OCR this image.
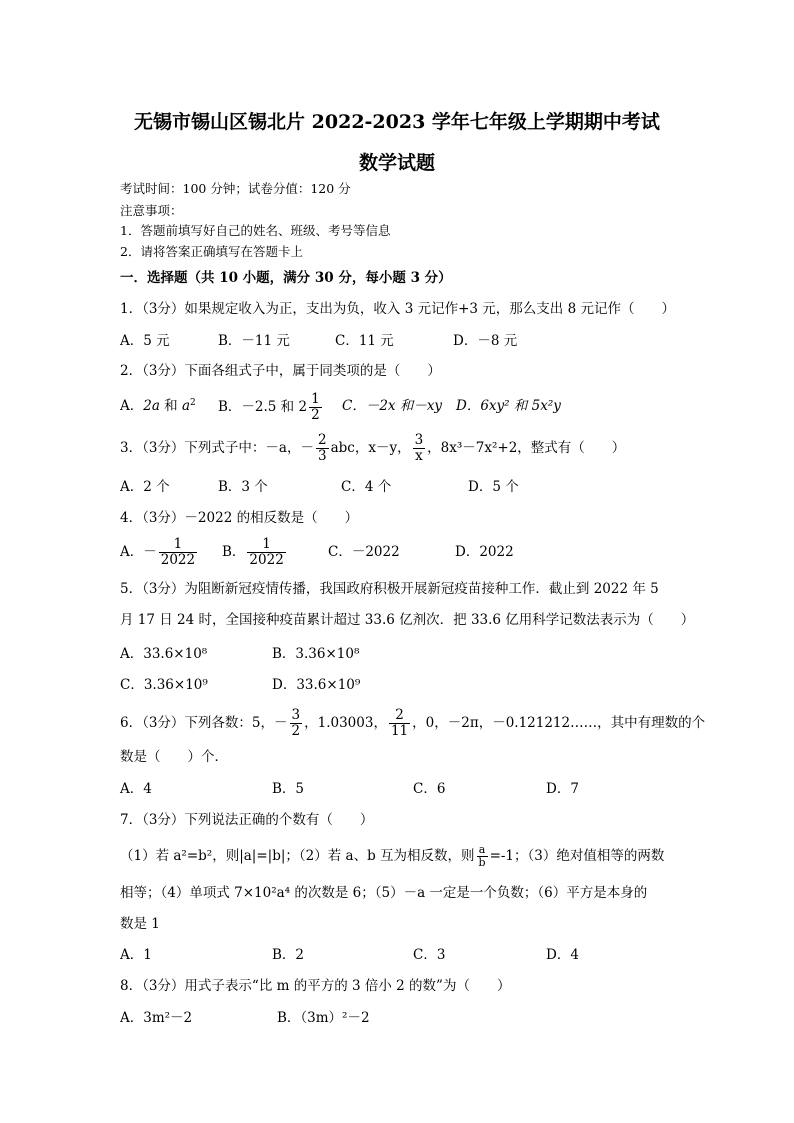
无锡市锡山区锡北片 2022-2023 学年七年级上学期期中考试
数学试题
考试时间：100 分钟；试卷分值：120 分
注意事项：
1．答题前填写好自己的姓名、班级、考号等信息
2．请将答案正确填写在答题卡上
一．选择题（共 10 小题，满分 30 分，每小题 3 分）
1．（3分）如果规定收入为正，支出为负，收入 3 元记作+3 元，那么支出 8 元记作（　　）
A．5 元	B．－11 元	C．11 元	D．－8 元
2．（3分）下面各组式子中，属于同类项的是（　　）
A．2a 和 $a^2$ B．－2.5 和 $2 \frac{1}{2}$ C．－2x 和－xy D．6xy² 和 5x²y
3．（3分）下列式子中：－a，－ $\frac{2}{3}$ abc，x－y， $\frac{3}{x}$ ，8x³－7x²+2，整式有（　　）
A．2 个	B．3 个	C．4 个	D．5 个
4．（3分）－2022 的相反数是（　　）
A．－ $\frac{1}{2022}$ B． $\frac{1}{2022}$	C．－2022	D．2022
5．（3分）为阻断新冠疫情传播，我国政府积极开展新冠疫苗接种工作．截止到 2022 年 5
月 17 日 24 时，全国接种疫苗累计超过 33.6 亿剂次．把 33.6 亿用科学记数法表示为（　　）
A．33.6×10⁸	B．3.36×10⁸
C．3.36×10⁹	D．33.6×10⁹
6．（3分）下列各数：5，－ $\frac{3}{2}$ ，1.03003， $\frac{2}{11}$ ，0，－2π，－0.121212……，其中有理数的个
数是（　　）个．
A．4	B．5	C．6	D．7
7．（3分）下列说法正确的个数有（　　）
（1）若 a²=b²，则|a|=|b|；（2）若 a、b 互为相反数，则 $\frac{a}{b} =-1$；（3）绝对值相等的两数
相等；（4）单项式 7×10²a⁴ 的次数是 6；（5）－a 一定是一个负数；（6）平方是本身的
数是 1
A．1	B．2	C．3	D．4
8．（3分）用式子表示“比 m 的平方的 3 倍小 2 的数”为（　　）
A．3m²－2	B．（3m）²－2
